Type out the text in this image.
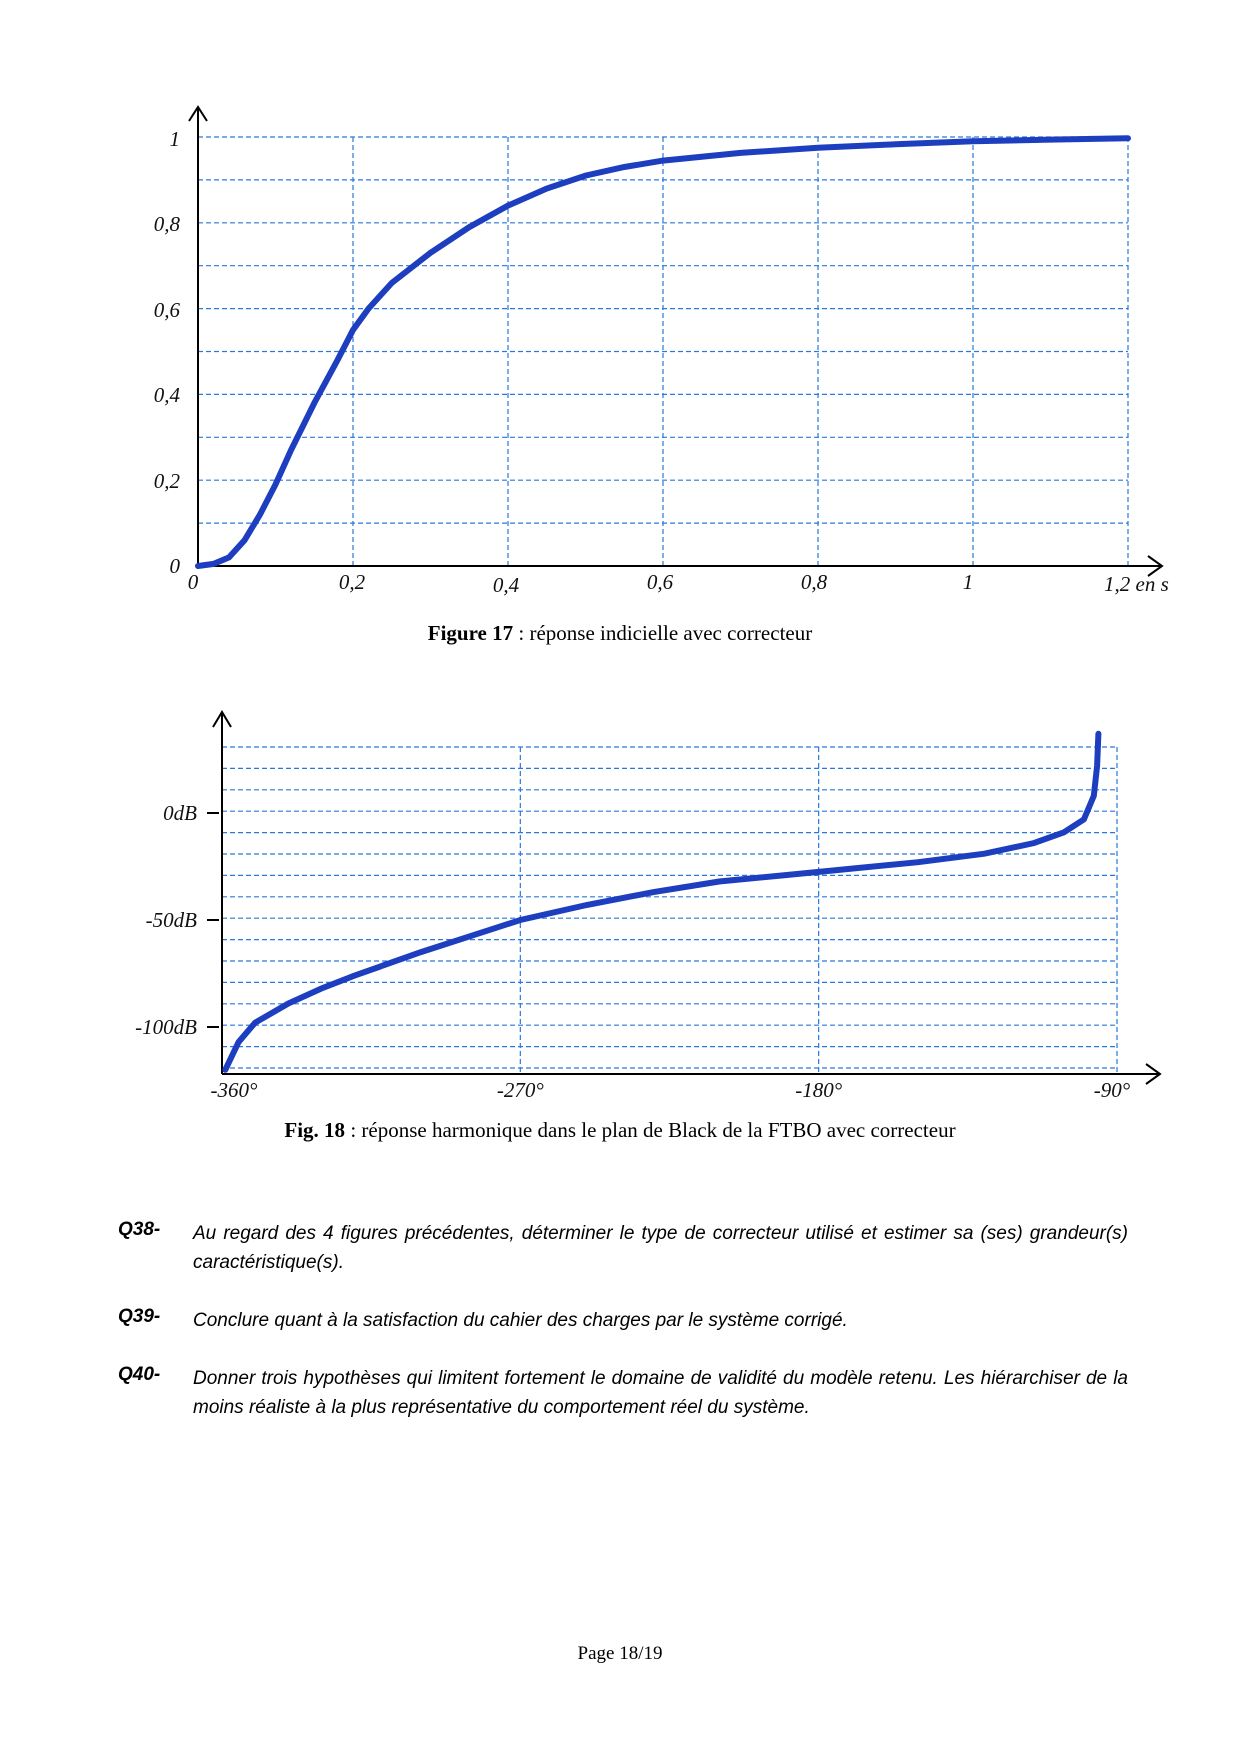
0
0,2
0,4
0,6
0,8
1
0	0,2	0,4	0,6	0,8	1	1,2 en s
Figure 17 : réponse indicielle avec correcteur
0dB
-50dB
-100dB
-360°	-270°	-180°	-90°
Fig. 18 : réponse harmonique dans le plan de Black de la FTBO avec correcteur
Q38- Au regard des 4 figures précédentes, déterminer le type de correcteur utilisé et estimer sa (ses) grandeur(s) caractéristique(s).
Q39- Conclure quant à la satisfaction du cahier des charges par le système corrigé.
Q40- Donner trois hypothèses qui limitent fortement le domaine de validité du modèle retenu. Les hiérarchiser de la moins réaliste à la plus représentative du comportement réel du système.
Page 18/19
